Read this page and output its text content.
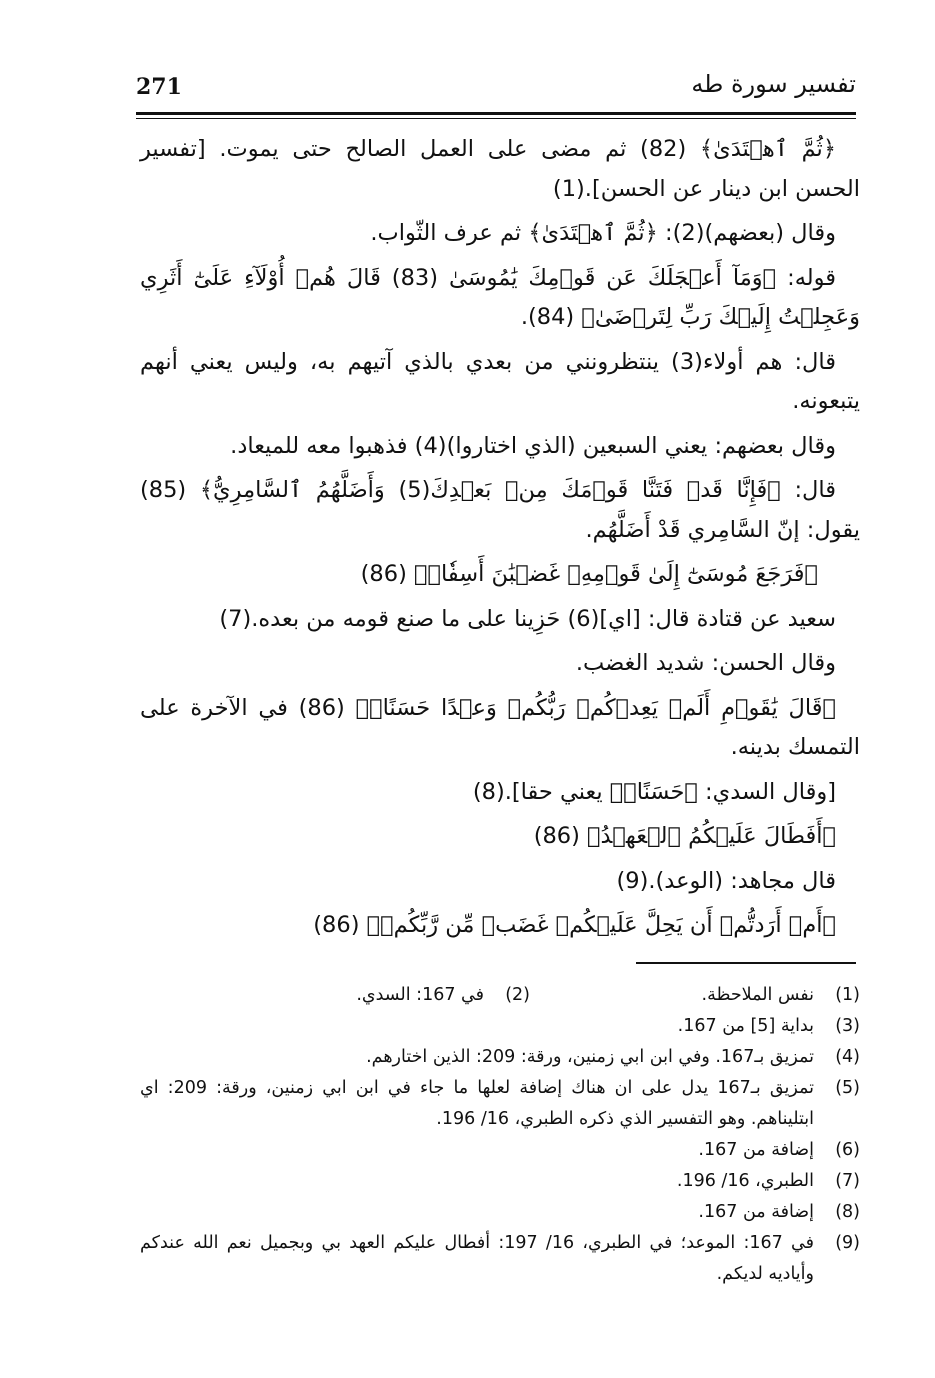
271	تفسير سورة طه

﴿ثُمَّ ٱهۡتَدَىٰ﴾ (82) ثم مضى على العمل الصالح حتى يموت. [تفسير الحسن ابن دينار عن الحسن].(1)

وقال (بعضهم)(2): ﴿ثُمَّ ٱهۡتَدَىٰ﴾ ثم عرف الثّواب.

قوله: ﴿وَمَآ أَعۡجَلَكَ عَن قَوۡمِكَ يَٰمُوسَىٰ (83) قَالَ هُمۡ أُوْلَآءِ عَلَىٰٓ أَثَرِي وَعَجِلۡتُ إِلَيۡكَ رَبِّ لِتَرۡضَىٰ﴾ (84).

قال: هم أولاء(3) ينتظرونني من بعدي بالذي آتيهم به، وليس يعني أنهم يتبعونه.

وقال بعضهم: يعني السبعين (الذي اختاروا)(4) فذهبوا معه للميعاد.

قال: ﴿فَإِنَّا قَدۡ فَتَنَّا قَوۡمَكَ مِنۢ بَعۡدِكَ(5) وَأَضَلَّهُمُ ٱلسَّامِرِيُّ﴾ (85) يقول: إنّ السَّامِري قَدْ أَضَلَّهُم.

﴿فَرَجَعَ مُوسَىٰٓ إِلَىٰ قَوۡمِهِۦ غَضۡبَٰنَ أَسِفٗاۚ﴾ (86)

سعيد عن قتادة قال: [اي](6) حَزِينا على ما صنع قومه من بعده.(7)

وقال الحسن: شديد الغضب.

﴿قَالَ يَٰقَوۡمِ أَلَمۡ يَعِدۡكُمۡ رَبُّكُمۡ وَعۡدًا حَسَنًاۚ﴾ (86) في الآخرة على التمسك بدينه.

[وقال السدي: ﴿حَسَنًاۚ﴾ يعني حقا].(8)

﴿أَفَطَالَ عَلَيۡكُمُ ٱلۡعَهۡدُ﴾ (86)

قال مجاهد: (الوعد).(9)

﴿أَمۡ أَرَدتُّمۡ أَن يَحِلَّ عَلَيۡكُمۡ غَضَبٞ مِّن رَّبِّكُمۡ﴾ (86)

(1)
نفس الملاحظة.
(2)
في 167: السدي.
(3)
بداية [5] من 167.
(4)
تمزيق بـ167. وفي ابن ابي زمنين، ورقة: 209: الذين اختارهم.
(5)
تمزيق بـ167 يدل على ان هناك إضافة لعلها ما جاء في ابن ابي زمنين، ورقة: 209: اي ابتليناهم. وهو التفسير الذي ذكره الطبري، 16/ 196.
(6)
إضافة من 167.
(7)
الطبري، 16/ 196.
(8)
إضافة من 167.
(9)
في 167: الموعد؛ في الطبري، 16/ 197: أفطال عليكم العهد بي وبجميل نعم الله عندكم وأياديه لديكم.
